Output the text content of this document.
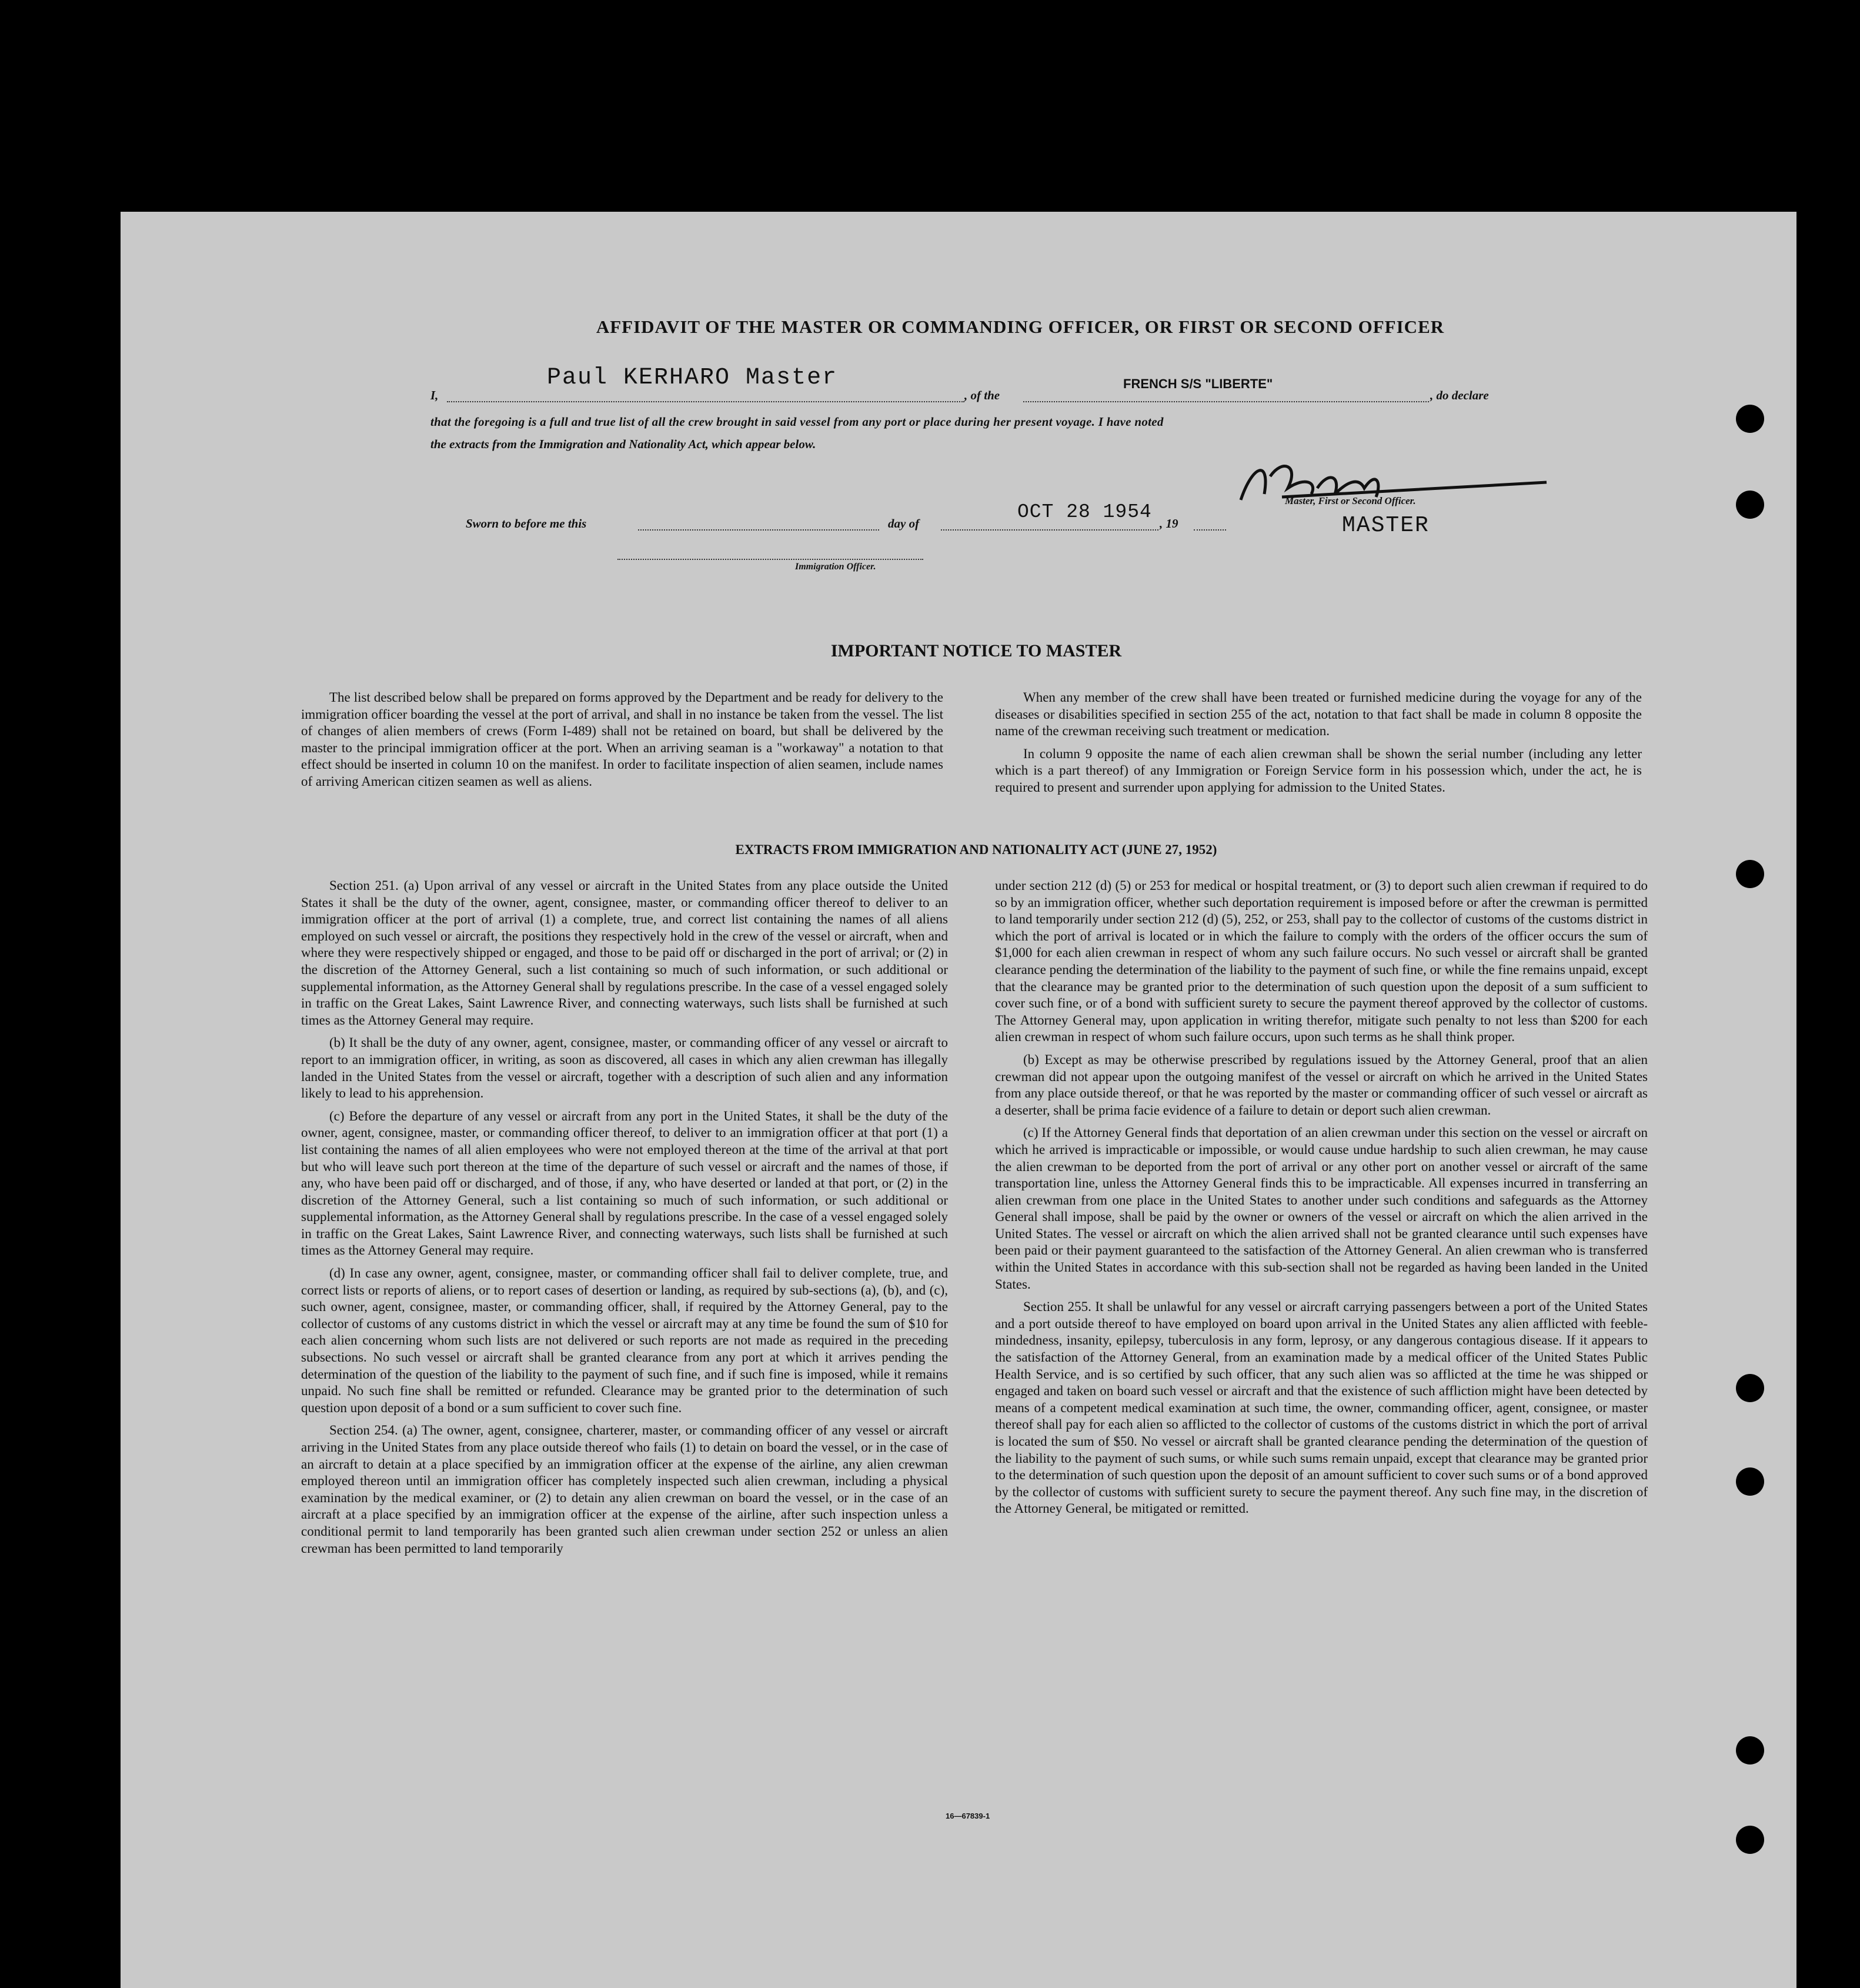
AFFIDAVIT OF THE MASTER OR COMMANDING OFFICER, OR FIRST OR SECOND OFFICER
I,
Paul KERHARO Master
, of the
FRENCH S/S "LIBERTE"
, do declare
that the foregoing is a full and true list of all the crew brought in said vessel from any port or place during her present voyage. I have noted
the extracts from the Immigration and Nationality Act, which appear below.
Master, First or Second Officer.
MASTER
Sworn to before me this	day of
OCT 28 1954
, 19
Immigration Officer.
IMPORTANT NOTICE TO MASTER

The list described below shall be prepared on forms approved by the Department and be ready for delivery to the immigration officer boarding the vessel at the port of arrival, and shall in no instance be taken from the vessel. The list of changes of alien members of crews (Form I-489) shall not be retained on board, but shall be delivered by the master to the principal immigration officer at the port. When an arriving seaman is a "workaway" a notation to that effect should be inserted in column 10 on the manifest. In order to facilitate inspection of alien seamen, include names of arriving American citizen seamen as well as aliens.

When any member of the crew shall have been treated or furnished medicine during the voyage for any of the diseases or disabilities specified in section 255 of the act, notation to that fact shall be made in column 8 opposite the name of the crewman receiving such treatment or medication.

In column 9 opposite the name of each alien crewman shall be shown the serial number (including any letter which is a part thereof) of any Immigration or Foreign Service form in his possession which, under the act, he is required to present and surrender upon applying for admission to the United States.

EXTRACTS FROM IMMIGRATION AND NATIONALITY ACT (JUNE 27, 1952)

Section 251. (a) Upon arrival of any vessel or aircraft in the United States from any place outside the United States it shall be the duty of the owner, agent, consignee, master, or commanding officer thereof to deliver to an immigration officer at the port of arrival (1) a complete, true, and correct list containing the names of all aliens employed on such vessel or aircraft, the positions they respectively hold in the crew of the vessel or aircraft, when and where they were respectively shipped or engaged, and those to be paid off or discharged in the port of arrival; or (2) in the discretion of the Attorney General, such a list containing so much of such information, or such additional or supplemental information, as the Attorney General shall by regulations prescribe. In the case of a vessel engaged solely in traffic on the Great Lakes, Saint Lawrence River, and connecting waterways, such lists shall be furnished at such times as the Attorney General may require.

(b) It shall be the duty of any owner, agent, consignee, master, or commanding officer of any vessel or aircraft to report to an immigration officer, in writing, as soon as discovered, all cases in which any alien crewman has illegally landed in the United States from the vessel or aircraft, together with a description of such alien and any information likely to lead to his apprehension.

(c) Before the departure of any vessel or aircraft from any port in the United States, it shall be the duty of the owner, agent, consignee, master, or commanding officer thereof, to deliver to an immigration officer at that port (1) a list containing the names of all alien employees who were not employed thereon at the time of the arrival at that port but who will leave such port thereon at the time of the departure of such vessel or aircraft and the names of those, if any, who have been paid off or discharged, and of those, if any, who have deserted or landed at that port, or (2) in the discretion of the Attorney General, such a list containing so much of such information, or such additional or supplemental information, as the Attorney General shall by regulations prescribe. In the case of a vessel engaged solely in traffic on the Great Lakes, Saint Lawrence River, and connecting waterways, such lists shall be furnished at such times as the Attorney General may require.

(d) In case any owner, agent, consignee, master, or commanding officer shall fail to deliver complete, true, and correct lists or reports of aliens, or to report cases of desertion or landing, as required by sub-sections (a), (b), and (c), such owner, agent, consignee, master, or commanding officer, shall, if required by the Attorney General, pay to the collector of customs of any customs district in which the vessel or aircraft may at any time be found the sum of $10 for each alien concerning whom such lists are not delivered or such reports are not made as required in the preceding subsections. No such vessel or aircraft shall be granted clearance from any port at which it arrives pending the determination of the question of the liability to the payment of such fine, and if such fine is imposed, while it remains unpaid. No such fine shall be remitted or refunded. Clearance may be granted prior to the determination of such question upon deposit of a bond or a sum sufficient to cover such fine.

Section 254. (a) The owner, agent, consignee, charterer, master, or commanding officer of any vessel or aircraft arriving in the United States from any place outside thereof who fails (1) to detain on board the vessel, or in the case of an aircraft to detain at a place specified by an immigration officer at the expense of the airline, any alien crewman employed thereon until an immigration officer has completely inspected such alien crewman, including a physical examination by the medical examiner, or (2) to detain any alien crewman on board the vessel, or in the case of an aircraft at a place specified by an immigration officer at the expense of the airline, after such inspection unless a conditional permit to land temporarily has been granted such alien crewman under section 252 or unless an alien crewman has been permitted to land temporarily

under section 212 (d) (5) or 253 for medical or hospital treatment, or (3) to deport such alien crewman if required to do so by an immigration officer, whether such deportation requirement is imposed before or after the crewman is permitted to land temporarily under section 212 (d) (5), 252, or 253, shall pay to the collector of customs of the customs district in which the port of arrival is located or in which the failure to comply with the orders of the officer occurs the sum of $1,000 for each alien crewman in respect of whom any such failure occurs. No such vessel or aircraft shall be granted clearance pending the determination of the liability to the payment of such fine, or while the fine remains unpaid, except that the clearance may be granted prior to the determination of such question upon the deposit of a sum sufficient to cover such fine, or of a bond with sufficient surety to secure the payment thereof approved by the collector of customs. The Attorney General may, upon application in writing therefor, mitigate such penalty to not less than $200 for each alien crewman in respect of whom such failure occurs, upon such terms as he shall think proper.

(b) Except as may be otherwise prescribed by regulations issued by the Attorney General, proof that an alien crewman did not appear upon the outgoing manifest of the vessel or aircraft on which he arrived in the United States from any place outside thereof, or that he was reported by the master or commanding officer of such vessel or aircraft as a deserter, shall be prima facie evidence of a failure to detain or deport such alien crewman.

(c) If the Attorney General finds that deportation of an alien crewman under this section on the vessel or aircraft on which he arrived is impracticable or impossible, or would cause undue hardship to such alien crewman, he may cause the alien crewman to be deported from the port of arrival or any other port on another vessel or aircraft of the same transportation line, unless the Attorney General finds this to be impracticable. All expenses incurred in transferring an alien crewman from one place in the United States to another under such conditions and safeguards as the Attorney General shall impose, shall be paid by the owner or owners of the vessel or aircraft on which the alien arrived in the United States. The vessel or aircraft on which the alien arrived shall not be granted clearance until such expenses have been paid or their payment guaranteed to the satisfaction of the Attorney General. An alien crewman who is transferred within the United States in accordance with this sub-section shall not be regarded as having been landed in the United States.

Section 255. It shall be unlawful for any vessel or aircraft carrying passengers between a port of the United States and a port outside thereof to have employed on board upon arrival in the United States any alien afflicted with feeble-mindedness, insanity, epilepsy, tuberculosis in any form, leprosy, or any dangerous contagious disease. If it appears to the satisfaction of the Attorney General, from an examination made by a medical officer of the United States Public Health Service, and is so certified by such officer, that any such alien was so afflicted at the time he was shipped or engaged and taken on board such vessel or aircraft and that the existence of such affliction might have been detected by means of a competent medical examination at such time, the owner, commanding officer, agent, consignee, or master thereof shall pay for each alien so afflicted to the collector of customs of the customs district in which the port of arrival is located the sum of $50. No vessel or aircraft shall be granted clearance pending the determination of the question of the liability to the payment of such sums, or while such sums remain unpaid, except that clearance may be granted prior to the determination of such question upon the deposit of an amount sufficient to cover such sums or of a bond approved by the collector of customs with sufficient surety to secure the payment thereof. Any such fine may, in the discretion of the Attorney General, be mitigated or remitted.

16—67839-1
